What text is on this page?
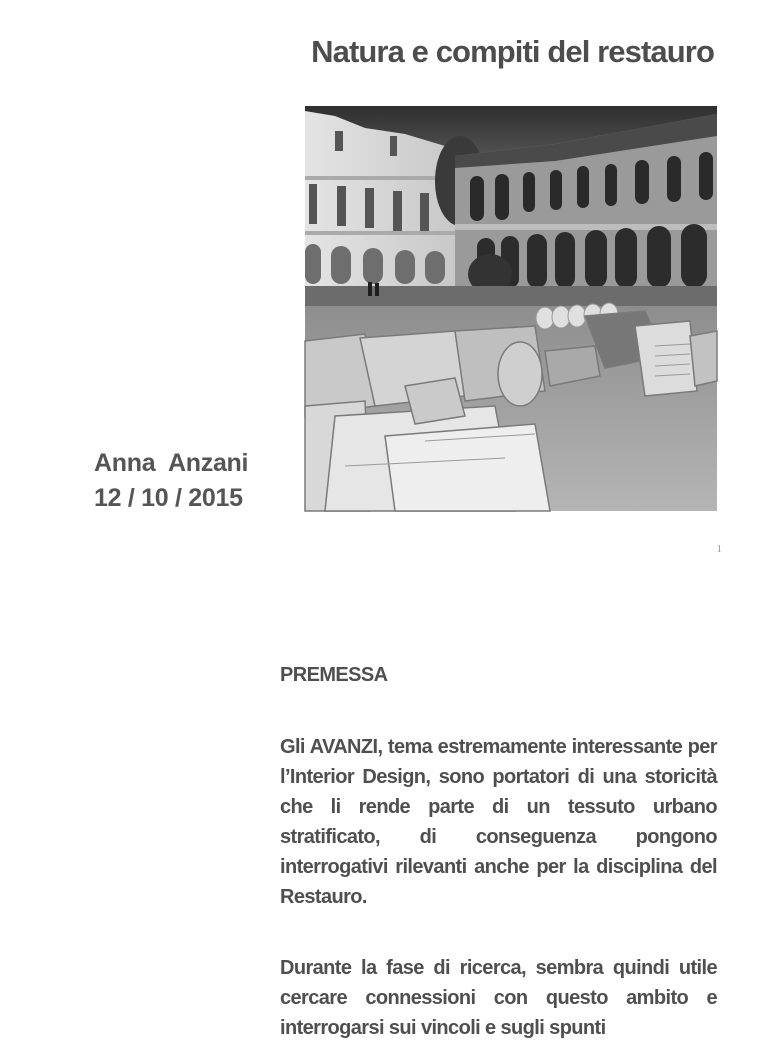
Natura e compiti del restauro
Anna Anzani
12 / 10 / 2015
1
PREMESSA

Gli AVANZI, tema estremamente interessante per l’Interior Design, sono portatori di una storicità che li rende parte di un tessuto urbano stratificato, di conseguenza pongono interrogativi rilevanti anche per la disciplina del Restauro.

Durante la fase di ricerca, sembra quindi utile cercare connessioni con questo ambito e interrogarsi sui vincoli e sugli spunti
